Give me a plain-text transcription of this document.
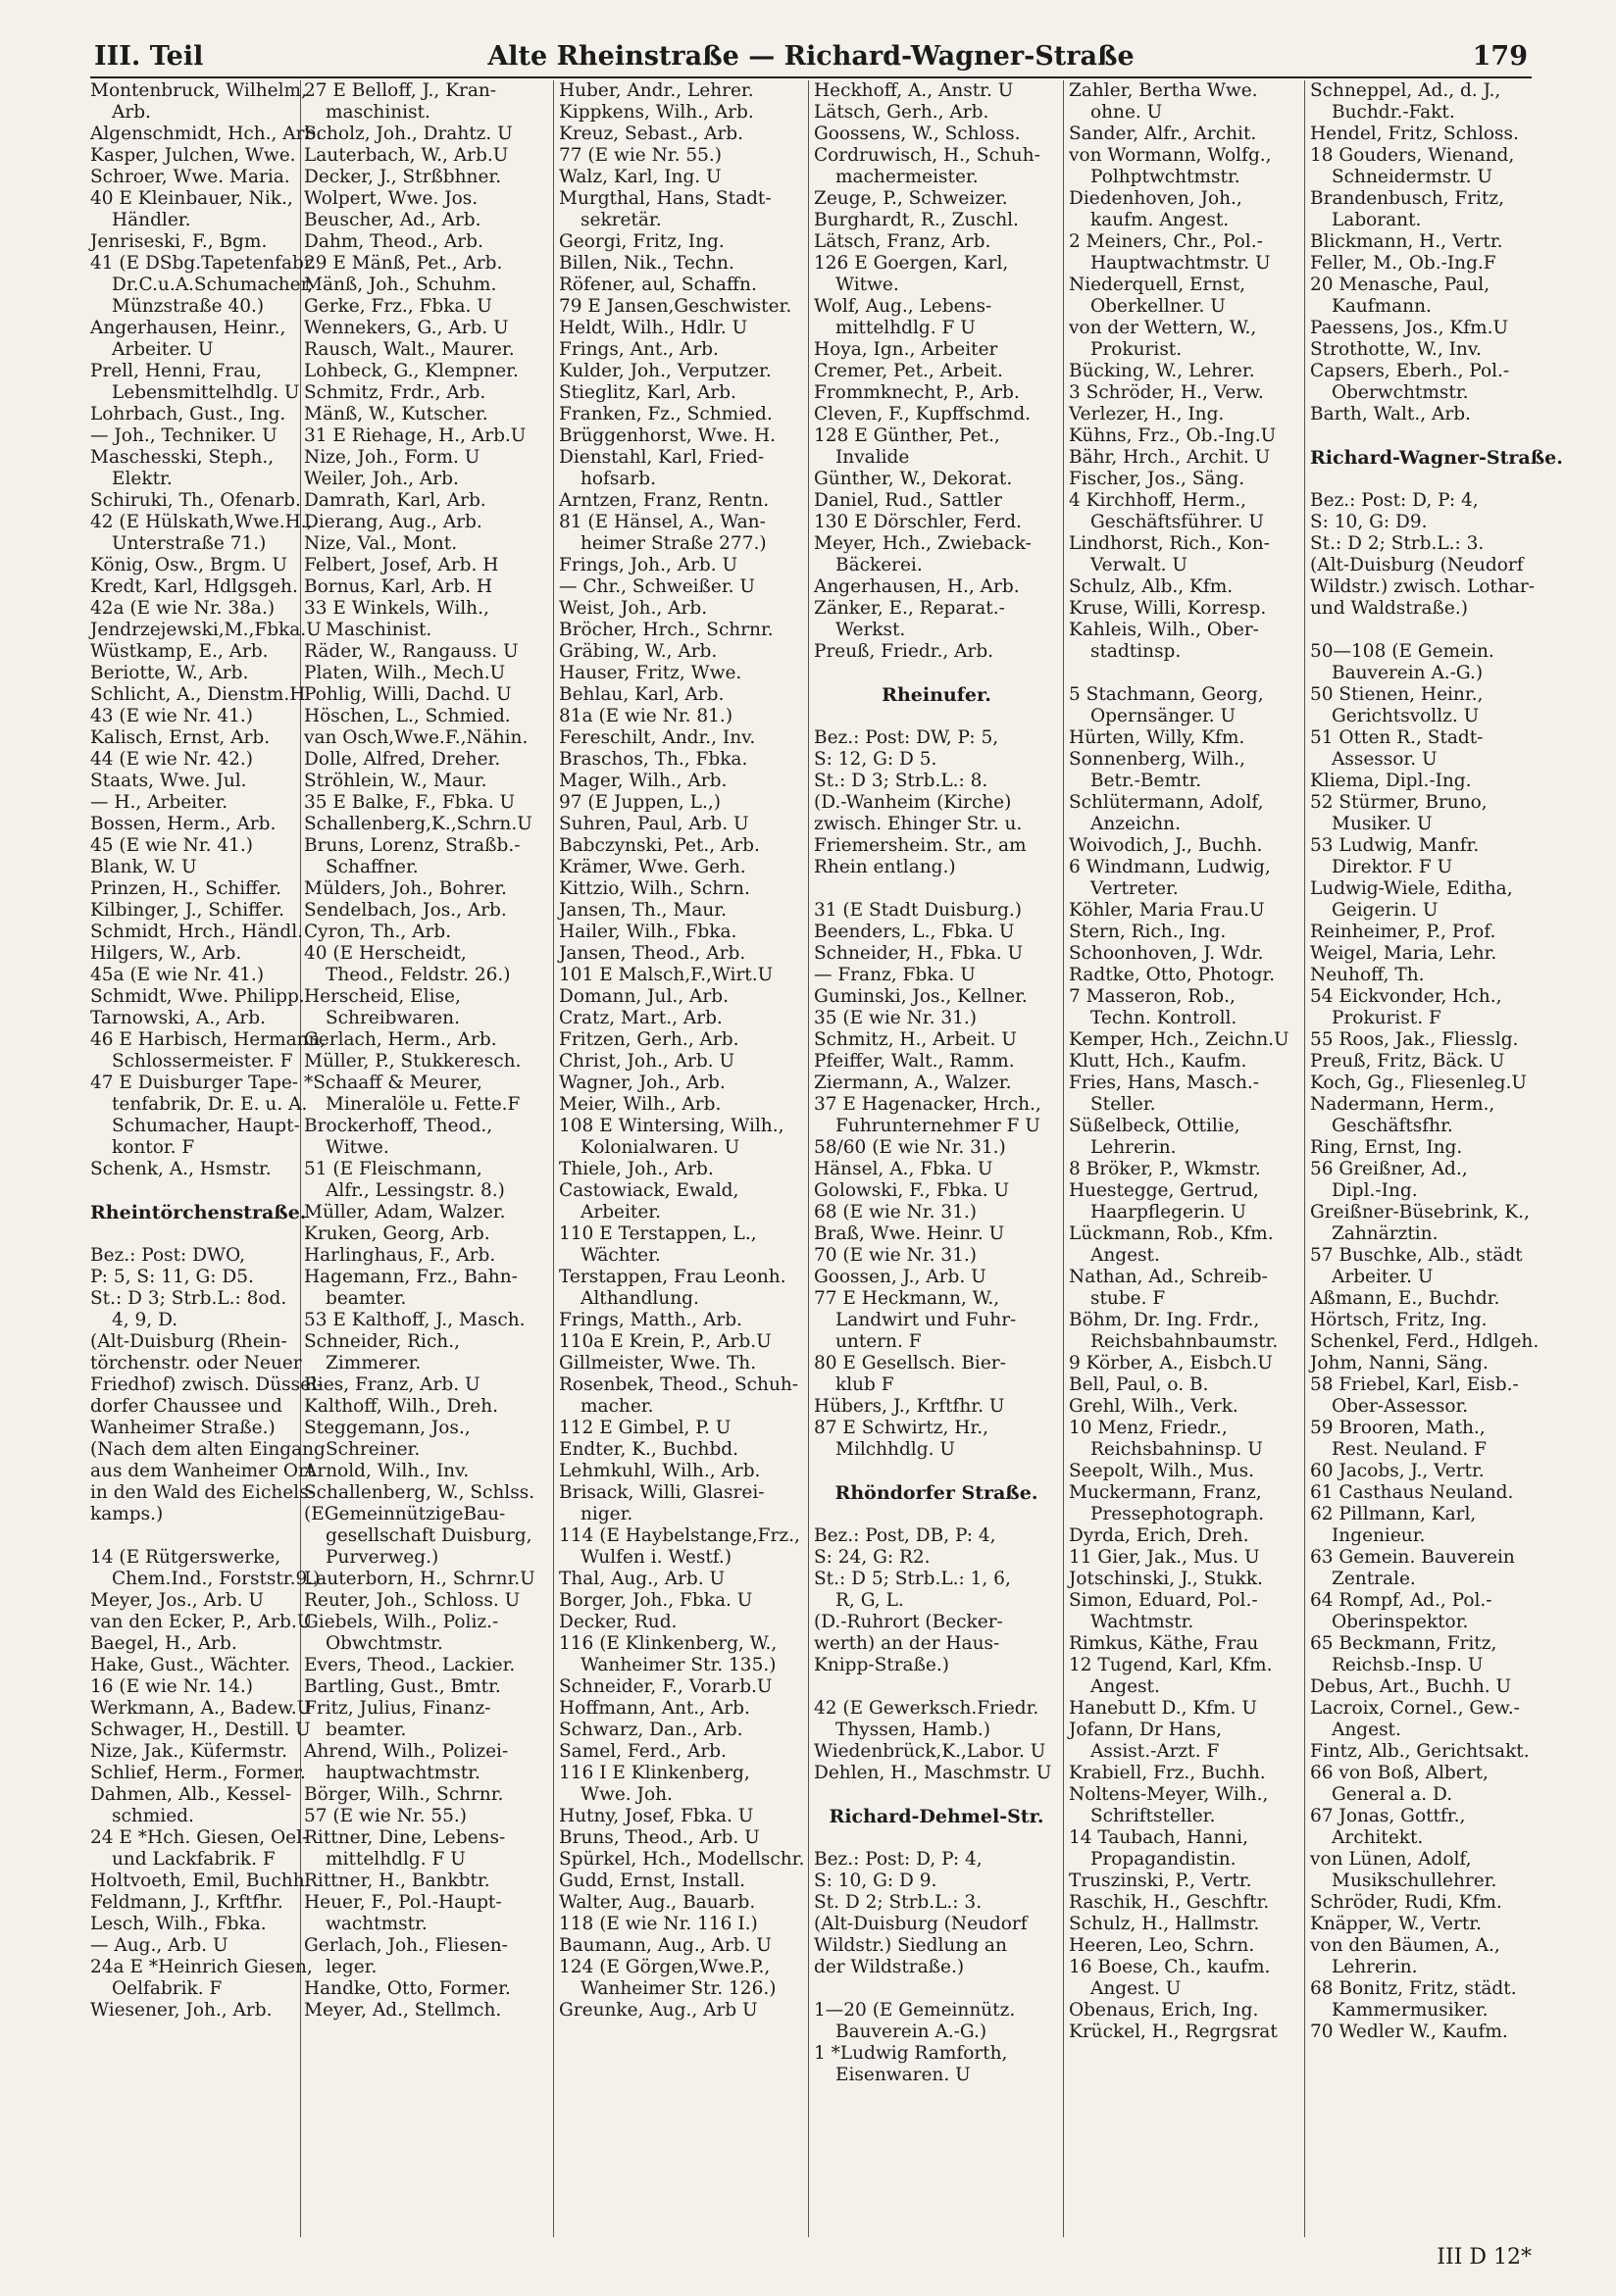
III. Teil	Alte Rheinstraße — Richard-Wagner-Straße	179
Montenbruck, Wilhelm,
Arb.
Algenschmidt, Hch., Arb.
Kasper, Julchen, Wwe.
Schroer, Wwe. Maria.
40 E Kleinbauer, Nik.,
Händler.
Jenriseski, F., Bgm.
41 (E DSbg.Tapetenfabr.
Dr.C.u.A.Schumacher,
Münzstraße 40.)
Angerhausen, Heinr.,
Arbeiter. U
Prell, Henni, Frau,
Lebensmittelhdlg. U
Lohrbach, Gust., Ing.
— Joh., Techniker. U
Maschesski, Steph.,
Elektr.
Schiruki, Th., Ofenarb.
42 (E Hülskath,Wwe.H.,
Unterstraße 71.)
König, Osw., Brgm. U
Kredt, Karl, Hdlgsgeh.
42a (E wie Nr. 38a.)
Jendrzejewski,M.,Fbka.U
Wüstkamp, E., Arb.
Beriotte, W., Arb.
Schlicht, A., Dienstm.H
43 (E wie Nr. 41.)
Kalisch, Ernst, Arb.
44 (E wie Nr. 42.)
Staats, Wwe. Jul.
— H., Arbeiter.
Bossen, Herm., Arb.
45 (E wie Nr. 41.)
Blank, W. U
Prinzen, H., Schiffer.
Kilbinger, J., Schiffer.
Schmidt, Hrch., Händl.
Hilgers, W., Arb.
45a (E wie Nr. 41.)
Schmidt, Wwe. Philipp.
Tarnowski, A., Arb.
46 E Harbisch, Hermann,
Schlossermeister. F
47 E Duisburger Tape-
tenfabrik, Dr. E. u. A.
Schumacher, Haupt-
kontor. F
Schenk, A., Hsmstr.
Rheintörchenstraße.
Bez.: Post: DWO,
P: 5, S: 11, G: D5.
St.: D 3; Strb.L.: 8od.
4, 9, D.
(Alt-Duisburg (Rhein-
törchenstr. oder Neuer
Friedhof) zwisch. Düssel-
dorfer Chaussee und
Wanheimer Straße.)
(Nach dem alten Eingang
aus dem Wanheimer Ort
in den Wald des Eichels-
kamps.)
14 (E Rütgerswerke,
Chem.Ind., Forststr.9.)
Meyer, Jos., Arb. U
van den Ecker, P., Arb.U
Baegel, H., Arb.
Hake, Gust., Wächter.
16 (E wie Nr. 14.)
Werkmann, A., Badew.U
Schwager, H., Destill. U
Nize, Jak., Küfermstr.
Schlief, Herm., Former.
Dahmen, Alb., Kessel-
schmied.
24 E *Hch. Giesen, Oel-
und Lackfabrik. F
Holtvoeth, Emil, Buchh.
Feldmann, J., Krftfhr.
Lesch, Wilh., Fbka.
— Aug., Arb. U
24a E *Heinrich Giesen,
Oelfabrik. F
Wiesener, Joh., Arb.
27 E Belloff, J., Kran-
maschinist.
Scholz, Joh., Drahtz. U
Lauterbach, W., Arb.U
Decker, J., Strßbhner.
Wolpert, Wwe. Jos.
Beuscher, Ad., Arb.
Dahm, Theod., Arb.
29 E Mänß, Pet., Arb.
Mänß, Joh., Schuhm.
Gerke, Frz., Fbka. U
Wennekers, G., Arb. U
Rausch, Walt., Maurer.
Lohbeck, G., Klempner.
Schmitz, Frdr., Arb.
Mänß, W., Kutscher.
31 E Riehage, H., Arb.U
Nize, Joh., Form. U
Weiler, Joh., Arb.
Damrath, Karl, Arb.
Dierang, Aug., Arb.
Nize, Val., Mont.
Felbert, Josef, Arb. H
Bornus, Karl, Arb. H
33 E Winkels, Wilh.,
Maschinist.
Räder, W., Rangauss. U
Platen, Wilh., Mech.U
Pohlig, Willi, Dachd. U
Höschen, L., Schmied.
van Osch,Wwe.F.,Nähin.
Dolle, Alfred, Dreher.
Ströhlein, W., Maur.
35 E Balke, F., Fbka. U
Schallenberg,K.,Schrn.U
Bruns, Lorenz, Straßb.-
Schaffner.
Mülders, Joh., Bohrer.
Sendelbach, Jos., Arb.
Cyron, Th., Arb.
40 (E Herscheidt,
Theod., Feldstr. 26.)
Herscheid, Elise,
Schreibwaren.
Gerlach, Herm., Arb.
Müller, P., Stukkeresch.
*Schaaff & Meurer,
Mineralöle u. Fette.F
Brockerhoff, Theod.,
Witwe.
51 (E Fleischmann,
Alfr., Lessingstr. 8.)
Müller, Adam, Walzer.
Kruken, Georg, Arb.
Harlinghaus, F., Arb.
Hagemann, Frz., Bahn-
beamter.
53 E Kalthoff, J., Masch.
Schneider, Rich.,
Zimmerer.
Ries, Franz, Arb. U
Kalthoff, Wilh., Dreh.
Steggemann, Jos.,
Schreiner.
Arnold, Wilh., Inv.
Schallenberg, W., Schlss.
(EGemeinnützigeBau-
gesellschaft Duisburg,
Purverweg.)
Lauterborn, H., Schrnr.U
Reuter, Joh., Schloss. U
Giebels, Wilh., Poliz.-
Obwchtmstr.
Evers, Theod., Lackier.
Bartling, Gust., Bmtr.
Fritz, Julius, Finanz-
beamter.
Ahrend, Wilh., Polizei-
hauptwachtmstr.
Börger, Wilh., Schrnr.
57 (E wie Nr. 55.)
Rittner, Dine, Lebens-
mittelhdlg. F U
Rittner, H., Bankbtr.
Heuer, F., Pol.-Haupt-
wachtmstr.
Gerlach, Joh., Fliesen-
leger.
Handke, Otto, Former.
Meyer, Ad., Stellmch.
Huber, Andr., Lehrer.
Kippkens, Wilh., Arb.
Kreuz, Sebast., Arb.
77 (E wie Nr. 55.)
Walz, Karl, Ing. U
Murgthal, Hans, Stadt-
sekretär.
Georgi, Fritz, Ing.
Billen, Nik., Techn.
Röfener, aul, Schaffn.
79 E Jansen,Geschwister.
Heldt, Wilh., Hdlr. U
Frings, Ant., Arb.
Kulder, Joh., Verputzer.
Stieglitz, Karl, Arb.
Franken, Fz., Schmied.
Brüggenhorst, Wwe. H.
Dienstahl, Karl, Fried-
hofsarb.
Arntzen, Franz, Rentn.
81 (E Hänsel, A., Wan-
heimer Straße 277.)
Frings, Joh., Arb. U
— Chr., Schweißer. U
Weist, Joh., Arb.
Bröcher, Hrch., Schrnr.
Gräbing, W., Arb.
Hauser, Fritz, Wwe.
Behlau, Karl, Arb.
81a (E wie Nr. 81.)
Fereschilt, Andr., Inv.
Braschos, Th., Fbka.
Mager, Wilh., Arb.
97 (E Juppen, L.,)
Suhren, Paul, Arb. U
Babczynski, Pet., Arb.
Krämer, Wwe. Gerh.
Kittzio, Wilh., Schrn.
Jansen, Th., Maur.
Hailer, Wilh., Fbka.
Jansen, Theod., Arb.
101 E Malsch,F.,Wirt.U
Domann, Jul., Arb.
Cratz, Mart., Arb.
Fritzen, Gerh., Arb.
Christ, Joh., Arb. U
Wagner, Joh., Arb.
Meier, Wilh., Arb.
108 E Wintersing, Wilh.,
Kolonialwaren. U
Thiele, Joh., Arb.
Castowiack, Ewald,
Arbeiter.
110 E Terstappen, L.,
Wächter.
Terstappen, Frau Leonh.
Althandlung.
Frings, Matth., Arb.
110a E Krein, P., Arb.U
Gillmeister, Wwe. Th.
Rosenbek, Theod., Schuh-
macher.
112 E Gimbel, P. U
Endter, K., Buchbd.
Lehmkuhl, Wilh., Arb.
Brisack, Willi, Glasrei-
niger.
114 (E Haybelstange,Frz.,
Wulfen i. Westf.)
Thal, Aug., Arb. U
Borger, Joh., Fbka. U
Decker, Rud.
116 (E Klinkenberg, W.,
Wanheimer Str. 135.)
Schneider, F., Vorarb.U
Hoffmann, Ant., Arb.
Schwarz, Dan., Arb.
Samel, Ferd., Arb.
116 I E Klinkenberg,
Wwe. Joh.
Hutny, Josef, Fbka. U
Bruns, Theod., Arb. U
Spürkel, Hch., Modellschr.
Gudd, Ernst, Install.
Walter, Aug., Bauarb.
118 (E wie Nr. 116 I.)
Baumann, Aug., Arb. U
124 (E Görgen,Wwe.P.,
Wanheimer Str. 126.)
Greunke, Aug., Arb U
Heckhoff, A., Anstr. U
Lätsch, Gerh., Arb.
Goossens, W., Schloss.
Cordruwisch, H., Schuh-
machermeister.
Zeuge, P., Schweizer.
Burghardt, R., Zuschl.
Lätsch, Franz, Arb.
126 E Goergen, Karl,
Witwe.
Wolf, Aug., Lebens-
mittelhdlg. F U
Hoya, Ign., Arbeiter
Cremer, Pet., Arbeit.
Frommknecht, P., Arb.
Cleven, F., Kupffschmd.
128 E Günther, Pet.,
Invalide
Günther, W., Dekorat.
Daniel, Rud., Sattler
130 E Dörschler, Ferd.
Meyer, Hch., Zwieback-
Bäckerei.
Angerhausen, H., Arb.
Zänker, E., Reparat.-
Werkst.
Preuß, Friedr., Arb.
Rheinufer.
Bez.: Post: DW, P: 5,
S: 12, G: D 5.
St.: D 3; Strb.L.: 8.
(D.-Wanheim (Kirche)
zwisch. Ehinger Str. u.
Friemersheim. Str., am
Rhein entlang.)
31 (E Stadt Duisburg.)
Beenders, L., Fbka. U
Schneider, H., Fbka. U
— Franz, Fbka. U
Guminski, Jos., Kellner.
35 (E wie Nr. 31.)
Schmitz, H., Arbeit. U
Pfeiffer, Walt., Ramm.
Ziermann, A., Walzer.
37 E Hagenacker, Hrch.,
Fuhrunternehmer F U
58/60 (E wie Nr. 31.)
Hänsel, A., Fbka. U
Golowski, F., Fbka. U
68 (E wie Nr. 31.)
Braß, Wwe. Heinr. U
70 (E wie Nr. 31.)
Goossen, J., Arb. U
77 E Heckmann, W.,
Landwirt und Fuhr-
untern. F
80 E Gesellsch. Bier-
klub F
Hübers, J., Krftfhr. U
87 E Schwirtz, Hr.,
Milchhdlg. U
Rhöndorfer Straße.
Bez.: Post, DB, P: 4,
S: 24, G: R2.
St.: D 5; Strb.L.: 1, 6,
R, G, L.
(D.-Ruhrort (Becker-
werth) an der Haus-
Knipp-Straße.)
42 (E Gewerksch.Friedr.
Thyssen, Hamb.)
Wiedenbrück,K.,Labor. U
Dehlen, H., Maschmstr. U
Richard-Dehmel-Str.
Bez.: Post: D, P: 4,
S: 10, G: D 9.
St. D 2; Strb.L.: 3.
(Alt-Duisburg (Neudorf
Wildstr.) Siedlung an
der Wildstraße.)
1—20 (E Gemeinnütz.
Bauverein A.-G.)
1 *Ludwig Ramforth,
Eisenwaren. U
Zahler, Bertha Wwe.
ohne. U
Sander, Alfr., Archit.
von Wormann, Wolfg.,
Polhptwchtmstr.
Diedenhoven, Joh.,
kaufm. Angest.
2 Meiners, Chr., Pol.-
Hauptwachtmstr. U
Niederquell, Ernst,
Oberkellner. U
von der Wettern, W.,
Prokurist.
Bücking, W., Lehrer.
3 Schröder, H., Verw.
Verlezer, H., Ing.
Kühns, Frz., Ob.-Ing.U
Bähr, Hrch., Archit. U
Fischer, Jos., Säng.
4 Kirchhoff, Herm.,
Geschäftsführer. U
Lindhorst, Rich., Kon-
Verwalt. U
Schulz, Alb., Kfm.
Kruse, Willi, Korresp.
Kahleis, Wilh., Ober-
stadtinsp.
5 Stachmann, Georg,
Opernsänger. U
Hürten, Willy, Kfm.
Sonnenberg, Wilh.,
Betr.-Bemtr.
Schlütermann, Adolf,
Anzeichn.
Woivodich, J., Buchh.
6 Windmann, Ludwig,
Vertreter.
Köhler, Maria Frau.U
Stern, Rich., Ing.
Schoonhoven, J. Wdr.
Radtke, Otto, Photogr.
7 Masseron, Rob.,
Techn. Kontroll.
Kemper, Hch., Zeichn.U
Klutt, Hch., Kaufm.
Fries, Hans, Masch.-
Steller.
Süßelbeck, Ottilie,
Lehrerin.
8 Bröker, P., Wkmstr.
Huestegge, Gertrud,
Haarpflegerin. U
Lückmann, Rob., Kfm.
Angest.
Nathan, Ad., Schreib-
stube. F
Böhm, Dr. Ing. Frdr.,
Reichsbahnbaumstr.
9 Körber, A., Eisbch.U
Bell, Paul, o. B.
Grehl, Wilh., Verk.
10 Menz, Friedr.,
Reichsbahninsp. U
Seepolt, Wilh., Mus.
Muckermann, Franz,
Pressephotograph.
Dyrda, Erich, Dreh.
11 Gier, Jak., Mus. U
Jotschinski, J., Stukk.
Simon, Eduard, Pol.-
Wachtmstr.
Rimkus, Käthe, Frau
12 Tugend, Karl, Kfm.
Angest.
Hanebutt D., Kfm. U
Jofann, Dr Hans,
Assist.-Arzt. F
Krabiell, Frz., Buchh.
Noltens-Meyer, Wilh.,
Schriftsteller.
14 Taubach, Hanni,
Propagandistin.
Truszinski, P., Vertr.
Raschik, H., Geschftr.
Schulz, H., Hallmstr.
Heeren, Leo, Schrn.
16 Boese, Ch., kaufm.
Angest. U
Obenaus, Erich, Ing.
Krückel, H., Regrgsrat
Schneppel, Ad., d. J.,
Buchdr.-Fakt.
Hendel, Fritz, Schloss.
18 Gouders, Wienand,
Schneidermstr. U
Brandenbusch, Fritz,
Laborant.
Blickmann, H., Vertr.
Feller, M., Ob.-Ing.F
20 Menasche, Paul,
Kaufmann.
Paessens, Jos., Kfm.U
Strothotte, W., Inv.
Capsers, Eberh., Pol.-
Oberwchtmstr.
Barth, Walt., Arb.
Richard-Wagner-Straße.
Bez.: Post: D, P: 4,
S: 10, G: D9.
St.: D 2; Strb.L.: 3.
(Alt-Duisburg (Neudorf
Wildstr.) zwisch. Lothar-
und Waldstraße.)
50—108 (E Gemein.
Bauverein A.-G.)
50 Stienen, Heinr.,
Gerichtsvollz. U
51 Otten R., Stadt-
Assessor. U
Kliema, Dipl.-Ing.
52 Stürmer, Bruno,
Musiker. U
53 Ludwig, Manfr.
Direktor. F U
Ludwig-Wiele, Editha,
Geigerin. U
Reinheimer, P., Prof.
Weigel, Maria, Lehr.
Neuhoff, Th.
54 Eickvonder, Hch.,
Prokurist. F
55 Roos, Jak., Fliesslg.
Preuß, Fritz, Bäck. U
Koch, Gg., Fliesenleg.U
Nadermann, Herm.,
Geschäftsfhr.
Ring, Ernst, Ing.
56 Greißner, Ad.,
Dipl.-Ing.
Greißner-Büsebrink, K.,
Zahnärztin.
57 Buschke, Alb., städt
Arbeiter. U
Aßmann, E., Buchdr.
Hörtsch, Fritz, Ing.
Schenkel, Ferd., Hdlgeh.
Johm, Nanni, Säng.
58 Friebel, Karl, Eisb.-
Ober-Assessor.
59 Brooren, Math.,
Rest. Neuland. F
60 Jacobs, J., Vertr.
61 Casthaus Neuland.
62 Pillmann, Karl,
Ingenieur.
63 Gemein. Bauverein
Zentrale.
64 Rompf, Ad., Pol.-
Oberinspektor.
65 Beckmann, Fritz,
Reichsb.-Insp. U
Debus, Art., Buchh. U
Lacroix, Cornel., Gew.-
Angest.
Fintz, Alb., Gerichtsakt.
66 von Boß, Albert,
General a. D.
67 Jonas, Gottfr.,
Architekt.
von Lünen, Adolf,
Musikschullehrer.
Schröder, Rudi, Kfm.
Knäpper, W., Vertr.
von den Bäumen, A.,
Lehrerin.
68 Bonitz, Fritz, städt.
Kammermusiker.
70 Wedler W., Kaufm.
III D 12*
